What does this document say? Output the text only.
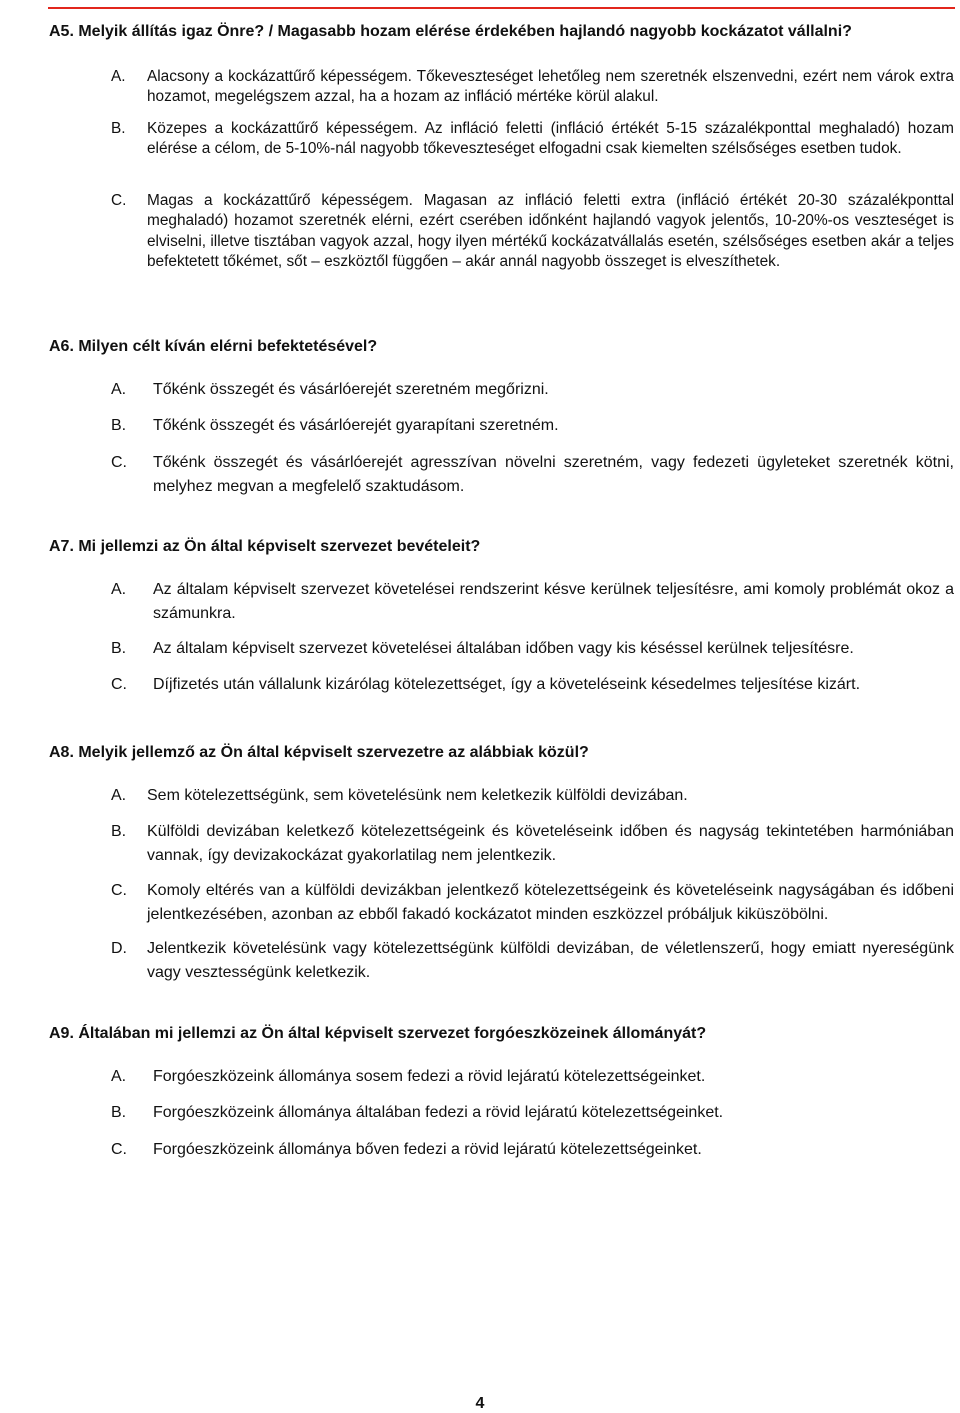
A5. Melyik állítás igaz Önre? / Magasabb hozam elérése érdekében hajlandó nagyobb kockázatot vállalni?

A.	Alacsony a kockázattűrő képességem. Tőkeveszteséget lehetőleg nem szeretnék elszenvedni, ezért nem várok extra hozamot, megelégszem azzal, ha a hozam az infláció mértéke körül alakul.
B.	Közepes a kockázattűrő képességem. Az infláció feletti (infláció értékét 5-15 százalékponttal meghaladó) hozam elérése a célom, de 5-10%-nál nagyobb tőkeveszteséget elfogadni csak kiemelten szélsőséges esetben tudok.
C.	Magas a kockázattűrő képességem. Magasan az infláció feletti extra (infláció értékét 20-30 százalékponttal meghaladó) hozamot szeretnék elérni, ezért cserében időnként hajlandó vagyok jelentős, 10-20%-os veszteséget is elviselni, illetve tisztában vagyok azzal, hogy ilyen mértékű kockázatvállalás esetén, szélsőséges esetben akár a teljes befektetett tőkémet, sőt – eszköztől függően – akár annál nagyobb összeget is elveszíthetek.

A6. Milyen célt kíván elérni befektetésével?

A.	Tőkénk összegét és vásárlóerejét szeretném megőrizni.
B.	Tőkénk összegét és vásárlóerejét gyarapítani szeretném.
C.	Tőkénk összegét és vásárlóerejét agresszívan növelni szeretném, vagy fedezeti ügyleteket szeretnék kötni, melyhez megvan a megfelelő szaktudásom.

A7. Mi jellemzi az Ön által képviselt szervezet bevételeit?

A.	Az általam képviselt szervezet követelései rendszerint késve kerülnek teljesítésre, ami komoly problémát okoz a számunkra.
B.	Az általam képviselt szervezet követelései általában időben vagy kis késéssel kerülnek teljesítésre.
C.	Díjfizetés után vállalunk kizárólag kötelezettséget, így a követeléseink késedelmes teljesítése kizárt.

A8. Melyik jellemző az Ön által képviselt szervezetre az alábbiak közül?

A.	Sem kötelezettségünk, sem követelésünk nem keletkezik külföldi devizában.
B.	Külföldi devizában keletkező kötelezettségeink és követeléseink időben és nagyság tekintetében harmóniában vannak, így devizakockázat gyakorlatilag nem jelentkezik.
C.	Komoly eltérés van a külföldi devizákban jelentkező kötelezettségeink és követeléseink nagyságában és időbeni jelentkezésében, azonban az ebből fakadó kockázatot minden eszközzel próbáljuk kiküszöbölni.
D.	Jelentkezik követelésünk vagy kötelezettségünk külföldi devizában, de véletlenszerű, hogy emiatt nyereségünk vagy vesztességünk keletkezik.

A9. Általában mi jellemzi az Ön által képviselt szervezet forgóeszközeinek állományát?

A.	Forgóeszközeink állománya sosem fedezi a rövid lejáratú kötelezettségeinket.
B.	Forgóeszközeink állománya általában fedezi a rövid lejáratú kötelezettségeinket.
C.	Forgóeszközeink állománya bőven fedezi a rövid lejáratú kötelezettségeinket.
4
